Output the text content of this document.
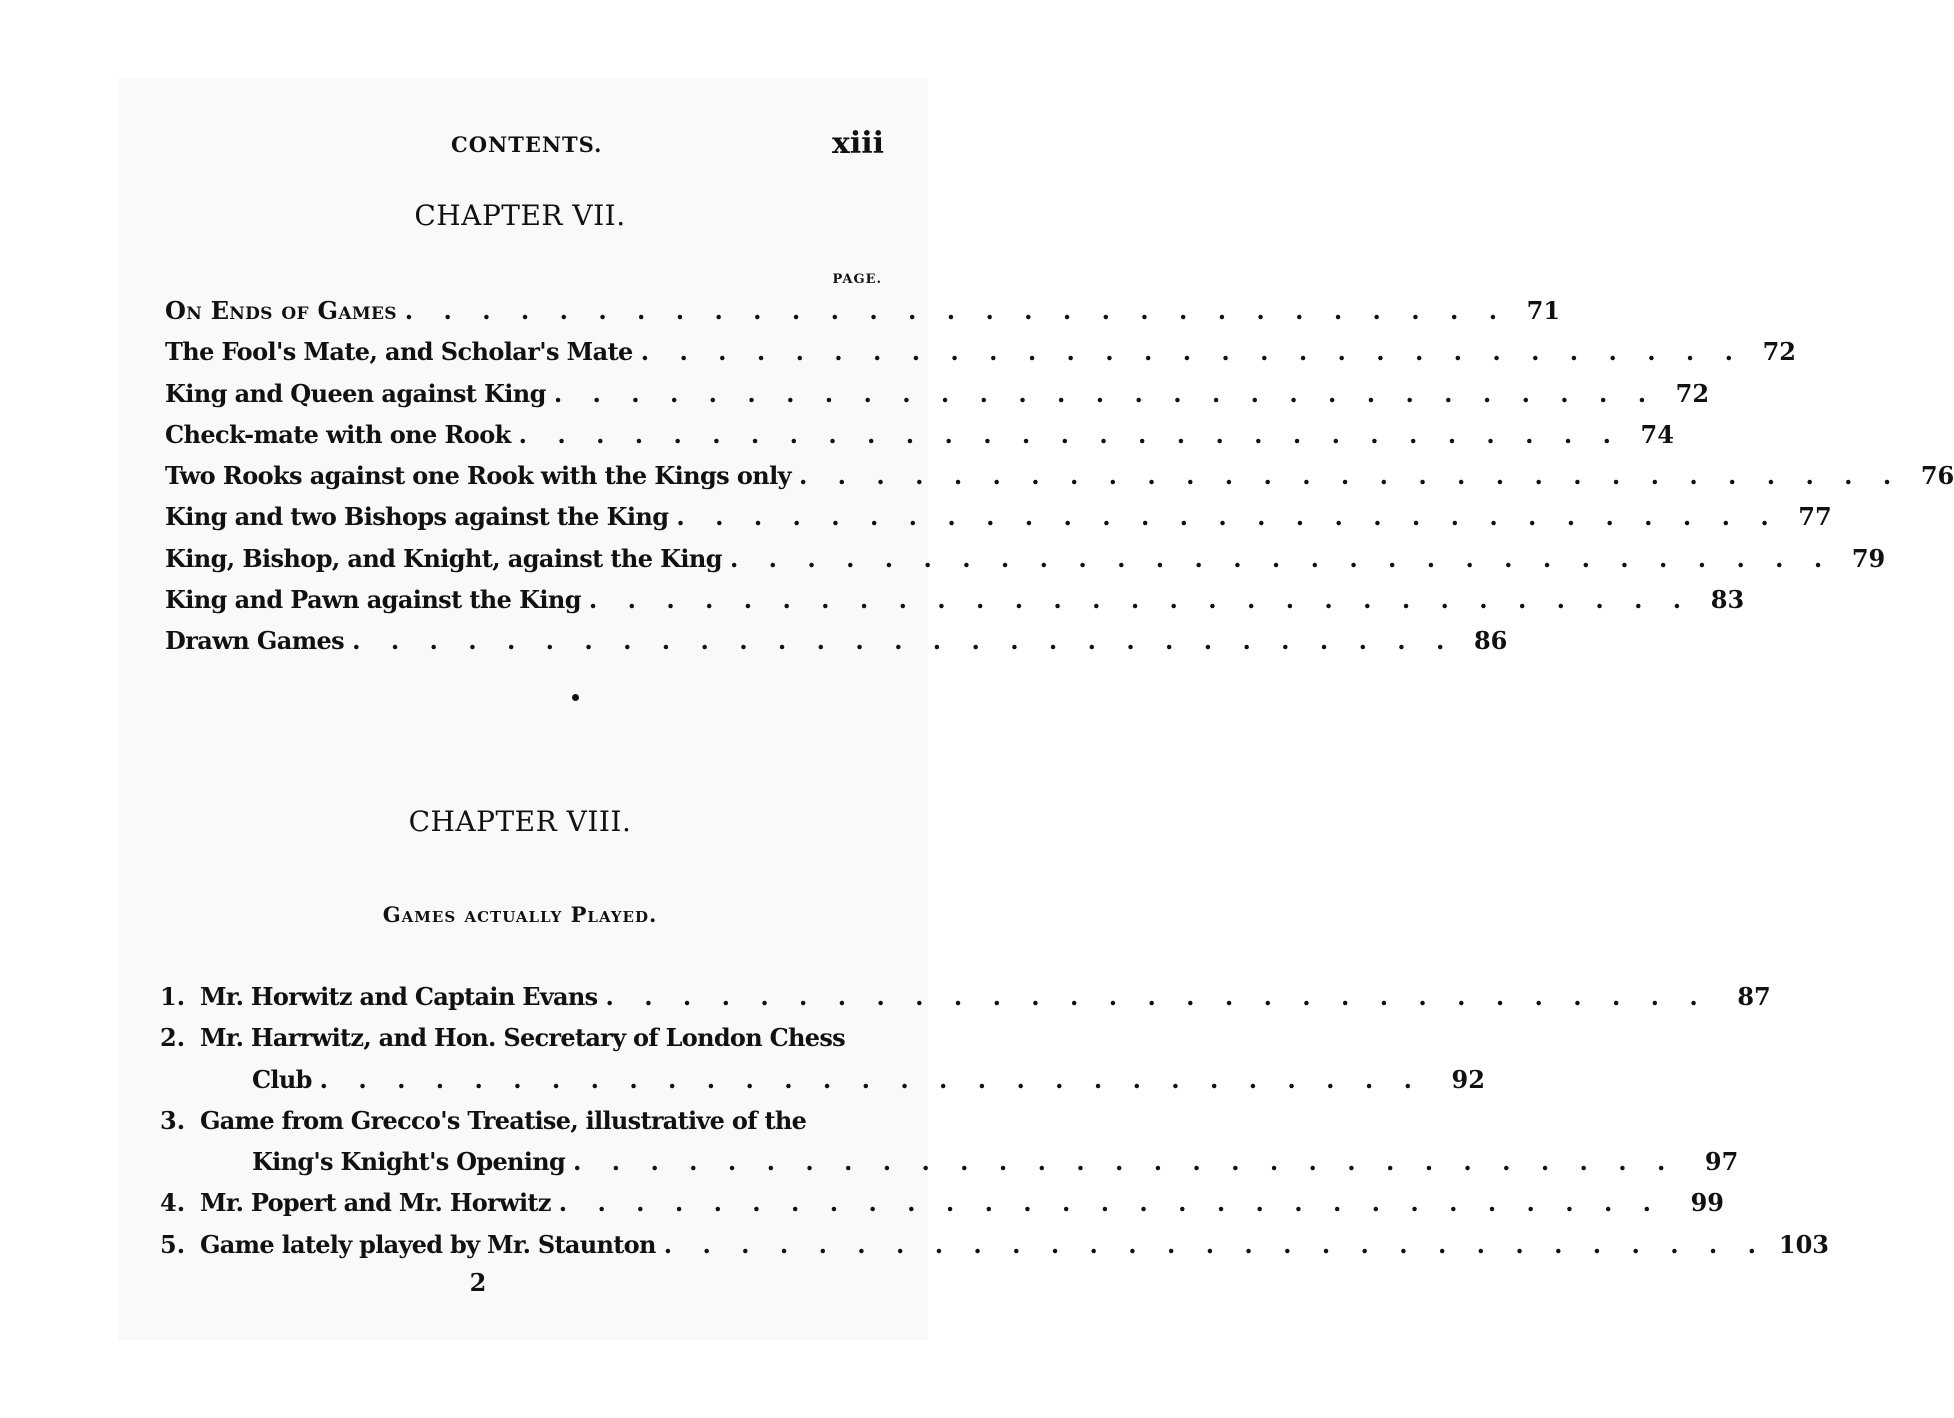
CONTENTS.	xiii
CHAPTER VII.
PAGE.
On Ends of Games . . . . . . . . . . . . . . . . . . . . . . . . . . . . . 71
The Fool's Mate, and Scholar's Mate . . . . . . . . . . . . . . . . . . . . . . . . . . . . . 72
King and Queen against King . . . . . . . . . . . . . . . . . . . . . . . . . . . . . 72
Check-mate with one Rook . . . . . . . . . . . . . . . . . . . . . . . . . . . . . 74
Two Rooks against one Rook with the Kings only . . . . . . . . . . . . . . . . . . . . . . . . . . . . . 76
King and two Bishops against the King . . . . . . . . . . . . . . . . . . . . . . . . . . . . . 77
King, Bishop, and Knight, against the King . . . . . . . . . . . . . . . . . . . . . . . . . . . . . 79
King and Pawn against the King . . . . . . . . . . . . . . . . . . . . . . . . . . . . . 83
Drawn Games . . . . . . . . . . . . . . . . . . . . . . . . . . . . . 86
CHAPTER VIII.
Games actually Played.
1. Mr. Horwitz and Captain Evans . . . . . . . . . . . . . . . . . . . . . . . . . . . . .	87
2. Mr. Harrwitz, and Hon. Secretary of London Chess
Club . . . . . . . . . . . . . . . . . . . . . . . . . . . . .	92
3. Game from Grecco's Treatise, illustrative of the
King's Knight's Opening . . . . . . . . . . . . . . . . . . . . . . . . . . . . .	97
4. Mr. Popert and Mr. Horwitz . . . . . . . . . . . . . . . . . . . . . . . . . . . . .	99
5. Game lately played by Mr. Staunton . . . . . . . . . . . . . . . . . . . . . . . . . . . . . 103
2
